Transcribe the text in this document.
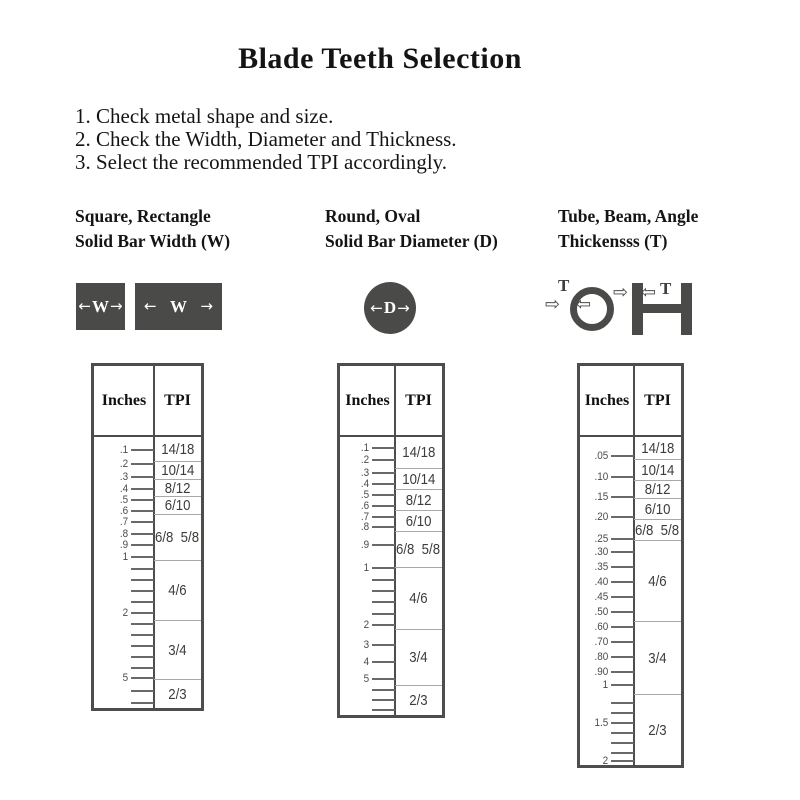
Blade Teeth Selection
1. Check metal shape and size.
2. Check the Width, Diameter and Thickness.
3. Select the recommended TPI accordingly.
Square, Rectangle
Solid Bar Width (W)
Round, Oval
Solid Bar Diameter (D)
Tube, Beam, Angle
Thickensss (T)
← W → ← W →	← D →
T
⇨ ⇦
⇨ ⇦ T
Inches	TPI
.1
.2
.3
.4
.5
.6
.7
.8
.9
1
2
5
14/18
10/14
8/12
6/10
6/8  5/8
4/6
3/4
2/3
Inches TPI
.1
.2
.3
.4
.5
.6
.7
.8
.9
1
2
3
4
5
14/18
10/14
8/12
6/10
6/8  5/8
4/6
3/4
2/3
Inches TPI
.05
.10
.15
.20
.25
.30
.35
.40
.45
.50
.60
.70
.80
.90
1
1.5
2
14/18
10/14
8/12
6/10
6/8  5/8
4/6
3/4
2/3
